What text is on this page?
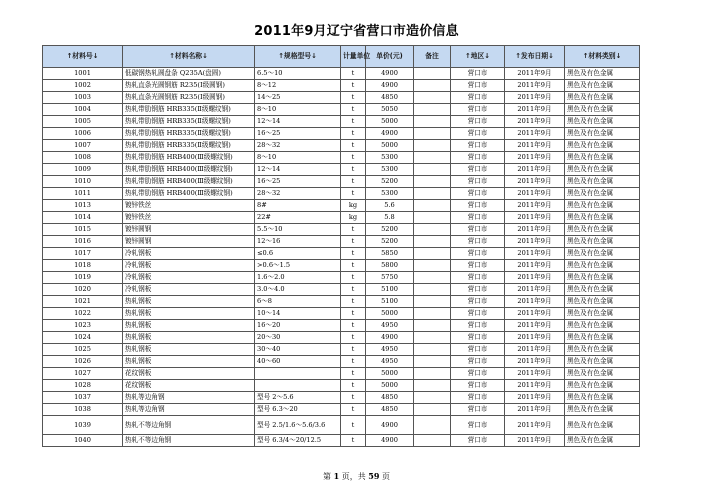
2011年9月辽宁省营口市造价信息
↑材料号↓	↑材料名称↓	↑规格型号↓	计量单位	单价(元)	备注	↑地区↓	↑发布日期↓	↑材料类别↓
1001	低碳钢热轧圆盘条 Q235A(盘圆)	6.5～10	t	4900		营口市	2011年9月	黑色及有色金属
1002	热轧直条光圆钢筋 R235(Ⅰ级圆钢)	8～12	t	4900		营口市	2011年9月	黑色及有色金属
1003	热轧直条光圆钢筋 R235(Ⅰ级圆钢)	14～25	t	4850		营口市	2011年9月	黑色及有色金属
1004	热轧带肋钢筋 HRB335(Ⅱ级螺纹钢)	8～10	t	5050		营口市	2011年9月	黑色及有色金属
1005	热轧带肋钢筋 HRB335(Ⅱ级螺纹钢)	12～14	t	5000		营口市	2011年9月	黑色及有色金属
1006	热轧带肋钢筋 HRB335(Ⅱ级螺纹钢)	16～25	t	4900		营口市	2011年9月	黑色及有色金属
1007	热轧带肋钢筋 HRB335(Ⅱ级螺纹钢)	28～32	t	5000		营口市	2011年9月	黑色及有色金属
1008	热轧带肋钢筋 HRB400(Ⅲ级螺纹钢)	8～10	t	5300		营口市	2011年9月	黑色及有色金属
1009	热轧带肋钢筋 HRB400(Ⅲ级螺纹钢)	12～14	t	5300		营口市	2011年9月	黑色及有色金属
1010	热轧带肋钢筋 HRB400(Ⅲ级螺纹钢)	16～25	t	5200		营口市	2011年9月	黑色及有色金属
1011	热轧带肋钢筋 HRB400(Ⅲ级螺纹钢)	28～32	t	5300		营口市	2011年9月	黑色及有色金属
1013	镀锌铁丝	8#	kg	5.6		营口市	2011年9月	黑色及有色金属
1014	镀锌铁丝	22#	kg	5.8		营口市	2011年9月	黑色及有色金属
1015	镀锌圆钢	5.5～10	t	5200		营口市	2011年9月	黑色及有色金属
1016	镀锌圆钢	12～16	t	5200		营口市	2011年9月	黑色及有色金属
1017	冷轧钢板	≤0.6	t	5850		营口市	2011年9月	黑色及有色金属
1018	冷轧钢板	>0.6～1.5	t	5800		营口市	2011年9月	黑色及有色金属
1019	冷轧钢板	1.6～2.0	t	5750		营口市	2011年9月	黑色及有色金属
1020	冷轧钢板	3.0～4.0	t	5100		营口市	2011年9月	黑色及有色金属
1021	热轧钢板	6～8	t	5100		营口市	2011年9月	黑色及有色金属
1022	热轧钢板	10～14	t	5000		营口市	2011年9月	黑色及有色金属
1023	热轧钢板	16～20	t	4950		营口市	2011年9月	黑色及有色金属
1024	热轧钢板	20～30	t	4900		营口市	2011年9月	黑色及有色金属
1025	热轧钢板	30～40	t	4950		营口市	2011年9月	黑色及有色金属
1026	热轧钢板	40～60	t	4950		营口市	2011年9月	黑色及有色金属
1027	花纹钢板		t	5000		营口市	2011年9月	黑色及有色金属
1028	花纹钢板		t	5000		营口市	2011年9月	黑色及有色金属
1037	热轧等边角钢	型号 2～5.6	t	4850		营口市	2011年9月	黑色及有色金属
1038	热轧等边角钢	型号 6.3～20	t	4850		营口市	2011年9月	黑色及有色金属
1039	热轧不等边角钢	型号 2.5/1.6～5.6/3.6	t	4900		营口市	2011年9月	黑色及有色金属
1040	热轧不等边角钢	型号 6.3/4～20/12.5	t	4900		营口市	2011年9月	黑色及有色金属
第 1 页，共 59 页
